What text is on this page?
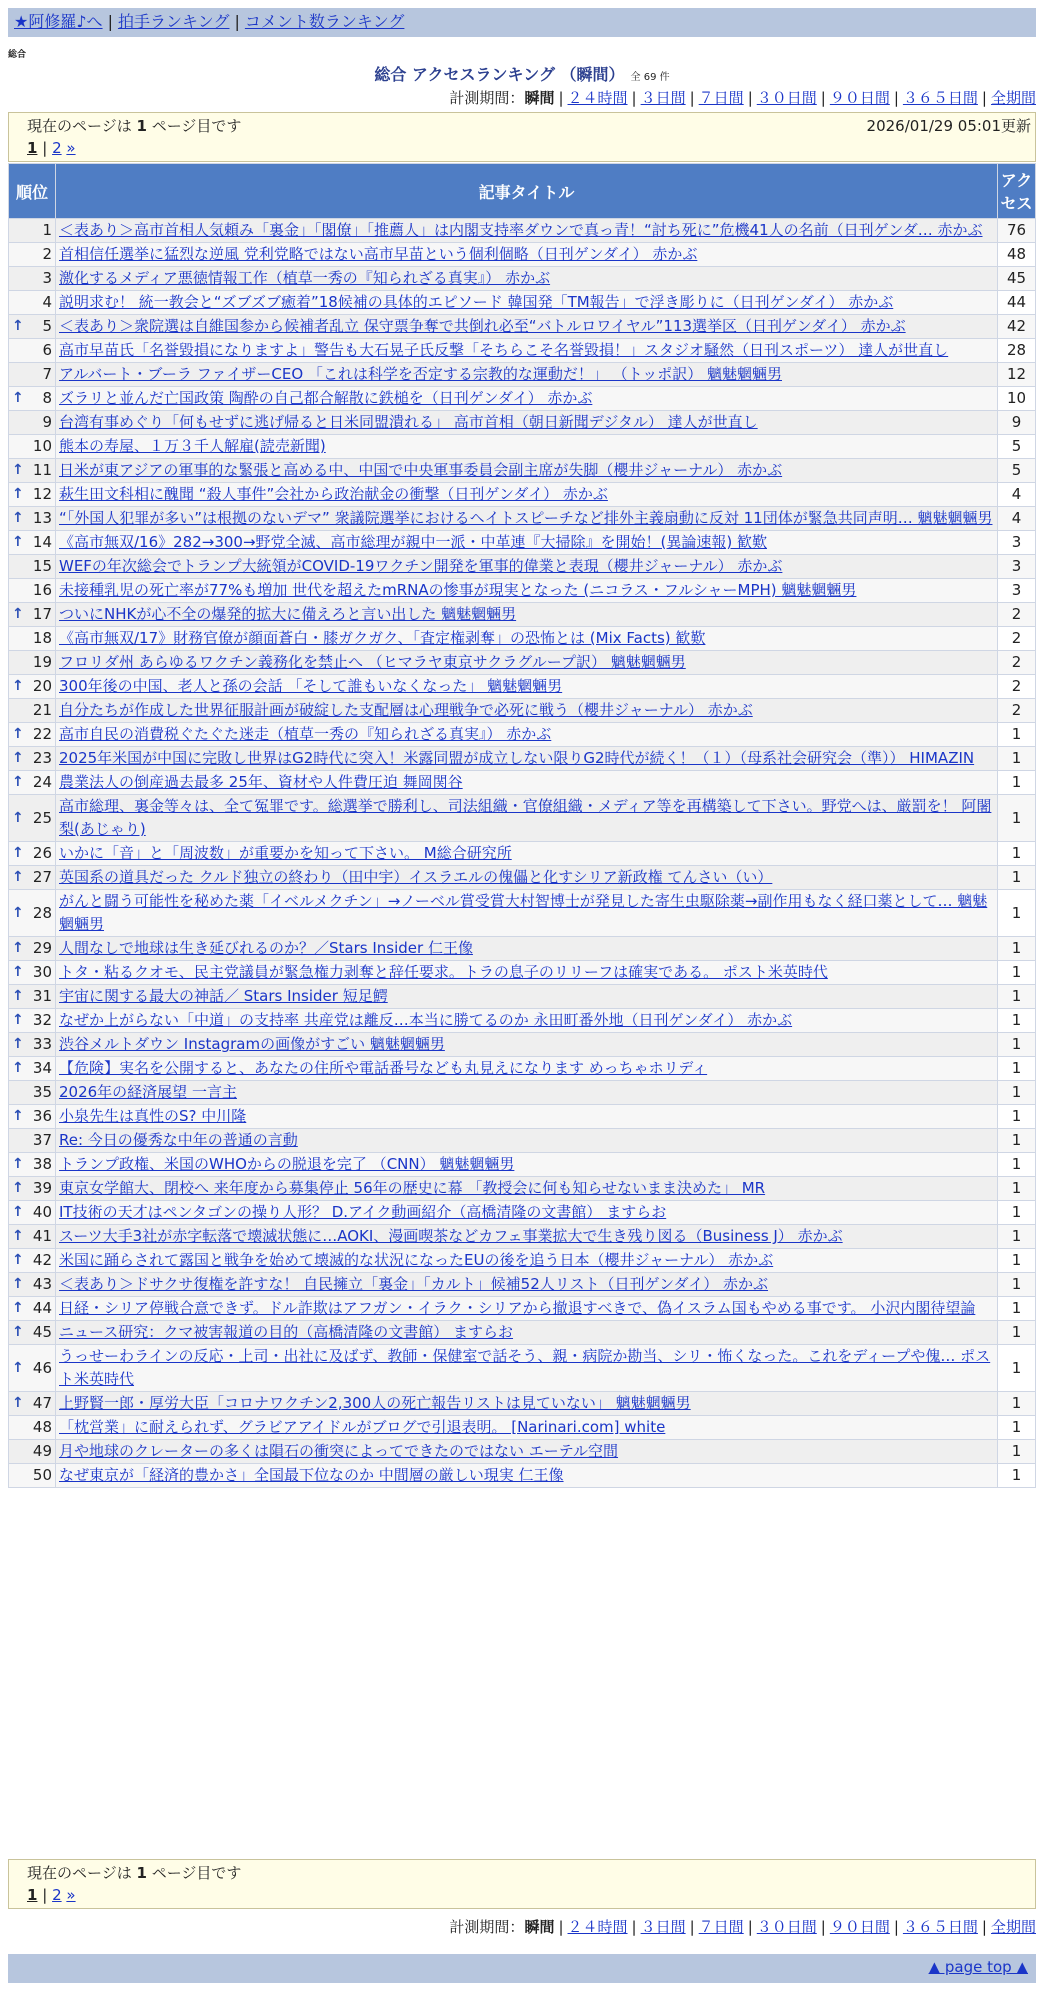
★阿修羅♪へ | 拍手ランキング | コメント数ランキング
総合
総合 アクセスランキング （瞬間） 全 69 件
計測期間：瞬間 | ２４時間 | ３日間 | ７日間 | ３０日間 | ９０日間 | ３６５日間 | 全期間
現在のページは 1 ページ目です	2026/01/29 05:01更新
1 | 2 »
順位	記事タイトル	アクセス
1	＜表あり＞高市首相人気頼み「裏金」「閣僚」「推薦人」は内閣支持率ダウンで真っ青！“討ち死に”危機41人の名前（日刊ゲンダ… 赤かぶ	76
2	首相信任選挙に猛烈な逆風 党利党略ではない高市早苗という個利個略（日刊ゲンダイ） 赤かぶ	48
3	激化するメディア悪徳情報工作（植草一秀の『知られざる真実』） 赤かぶ	45
4	説明求む！ 統一教会と“ズブズブ癒着”18候補の具体的エピソード 韓国発「TM報告」で浮き彫りに（日刊ゲンダイ） 赤かぶ	44

↑ 5	＜表あり＞衆院選は自維国参から候補者乱立 保守票争奪で共倒れ必至“バトルロワイヤル”113選挙区（日刊ゲンダイ） 赤かぶ	42
6	高市早苗氏「名誉毀損になりますよ」警告も大石晃子氏反撃「そちらこそ名誉毀損！」スタジオ騒然（日刊スポーツ） 達人が世直し	28
7	アルバート・ブーラ ファイザーCEO 「これは科学を否定する宗教的な運動だ！」 （トッポ訳） 魑魅魍魎男	12

↑ 8	ズラリと並んだ亡国政策 陶酔の自己都合解散に鉄槌を（日刊ゲンダイ） 赤かぶ	10
9	台湾有事めぐり「何もせずに逃げ帰ると日米同盟潰れる」 高市首相（朝日新聞デジタル） 達人が世直し	9
10	熊本の寿屋、１万３千人解雇(読売新聞)	5

↑ 11	日米が東アジアの軍事的な緊張と高める中、中国で中央軍事委員会副主席が失脚（櫻井ジャーナル） 赤かぶ	5

↑ 12	萩生田文科相に醜聞 “殺人事件”会社から政治献金の衝撃（日刊ゲンダイ） 赤かぶ	4

↑ 13	“「外国人犯罪が多い”は根拠のないデマ” 衆議院選挙におけるヘイトスピーチなど排外主義扇動に反対 11団体が緊急共同声明… 魑魅魍魎男	4

↑ 14	《高市無双/16》282→300→野党全滅、高市総理が親中一派・中革連『大掃除』を開始！(異論速報) 歓歎	3
15	WEFの年次総会でトランプ大統領がCOVID-19ワクチン開発を軍事的偉業と表現（櫻井ジャーナル） 赤かぶ	3
16	未接種乳児の死亡率が77%も増加 世代を超えたmRNAの惨事が現実となった (ニコラス・フルシャーMPH) 魑魅魍魎男	3

↑ 17	ついにNHKが心不全の爆発的拡大に備えろと言い出した 魑魅魍魎男	2
18	《高市無双/17》財務官僚が顔面蒼白・膝ガクガク、「査定権剥奪」の恐怖とは (Mix Facts) 歓歎	2
19	フロリダ州 あらゆるワクチン義務化を禁止へ （ヒマラヤ東京サクラグループ訳） 魑魅魍魎男	2

↑ 20	300年後の中国、老人と孫の会話 「そして誰もいなくなった」 魑魅魍魎男	2
21	自分たちが作成した世界征服計画が破綻した支配層は心理戦争で必死に戦う（櫻井ジャーナル） 赤かぶ	2

↑ 22	高市自民の消費税ぐたぐた迷走（植草一秀の『知られざる真実』） 赤かぶ	1

↑ 23	2025年米国が中国に完敗し世界はG2時代に突入！米露同盟が成立しない限りG2時代が続く！（１）（母系社会研究会（準）） HIMAZIN	1

↑ 24	農業法人の倒産過去最多 25年、資材や人件費圧迫 舞岡関谷	1

↑ 25	高市総理、裏金等々は、全て冤罪です。総選挙で勝利し、司法組織・官僚組織・メディア等を再構築して下さい。野党へは、厳罰を！ 阿闍梨(あじゃり)	1

↑ 26	いかに「音」と「周波数」が重要かを知って下さい。 M総合研究所	1

↑ 27	英国系の道具だった クルド独立の終わり（田中宇）イスラエルの傀儡と化すシリア新政権 てんさい（い）	1

↑ 28	がんと闘う可能性を秘めた薬「イベルメクチン」→ノーベル賞受賞大村智博士が発見した寄生虫駆除薬→副作用もなく経口薬として… 魑魅魍魎男	1

↑ 29	人間なしで地球は生き延びれるのか？／Stars Insider 仁王像	1

↑ 30	トタ・粘るクオモ、民主党議員が緊急権力剥奪と辞任要求。トラの息子のリリーフは確実である。 ポスト米英時代	1

↑ 31	宇宙に関する最大の神話／ Stars Insider 短足鰐	1

↑ 32	なぜか上がらない「中道」の支持率 共産党は離反…本当に勝てるのか 永田町番外地（日刊ゲンダイ） 赤かぶ	1

↑ 33	渋谷メルトダウン Instagramの画像がすごい 魑魅魍魎男	1

↑ 34	【危険】実名を公開すると、あなたの住所や電話番号なども丸見えになります めっちゃホリディ	1
35	2026年の経済展望 一言主	1

↑ 36	小泉先生は真性のS? 中川隆	1
37	Re: 今日の優秀な中年の普通の言動	1

↑ 38	トランプ政権、米国のWHOからの脱退を完了 （CNN） 魑魅魍魎男	1

↑ 39	東京女学館大、閉校へ 来年度から募集停止 56年の歴史に幕 「教授会に何も知らせないまま決めた」 MR	1

↑ 40	IT技術の天才はペンタゴンの操り人形？ D.アイク動画紹介（高橋清隆の文書館） ますらお	1

↑ 41	スーツ大手3社が赤字転落で壊滅状態に…AOKI、漫画喫茶などカフェ事業拡大で生き残り図る（Business J） 赤かぶ	1

↑ 42	米国に踊らされて露国と戦争を始めて壊滅的な状況になったEUの後を追う日本（櫻井ジャーナル） 赤かぶ	1

↑ 43	＜表あり＞ドサクサ復権を許すな！ 自民擁立「裏金」「カルト」候補52人リスト（日刊ゲンダイ） 赤かぶ	1

↑ 44	日経・シリア停戦合意できず。ドル詐欺はアフガン・イラク・シリアから撤退すべきで、偽イスラム国もやめる事です。 小沢内閣待望論	1

↑ 45	ニュース研究：クマ被害報道の目的（高橋清隆の文書館） ますらお	1

↑ 46	うっせーわラインの反応・上司・出社に及ばず、教師・保健室で話そう、親・病院か勘当、シリ・怖くなった。これをディープや傀… ポスト米英時代	1

↑ 47	上野賢一郎・厚労大臣「コロナワクチン2,300人の死亡報告リストは見ていない」 魑魅魍魎男	1
48	「枕営業」に耐えられず、グラビアアイドルがブログで引退表明。 [Narinari.com] white	1
49	月や地球のクレーターの多くは隕石の衝突によってできたのではない エーテル空間	1
50	なぜ東京が「経済的豊かさ」全国最下位なのか 中間層の厳しい現実 仁王像	1
現在のページは 1 ページ目です
1 | 2 »
計測期間：瞬間 | ２４時間 | ３日間 | ７日間 | ３０日間 | ９０日間 | ３６５日間 | 全期間
▲ page top ▲
